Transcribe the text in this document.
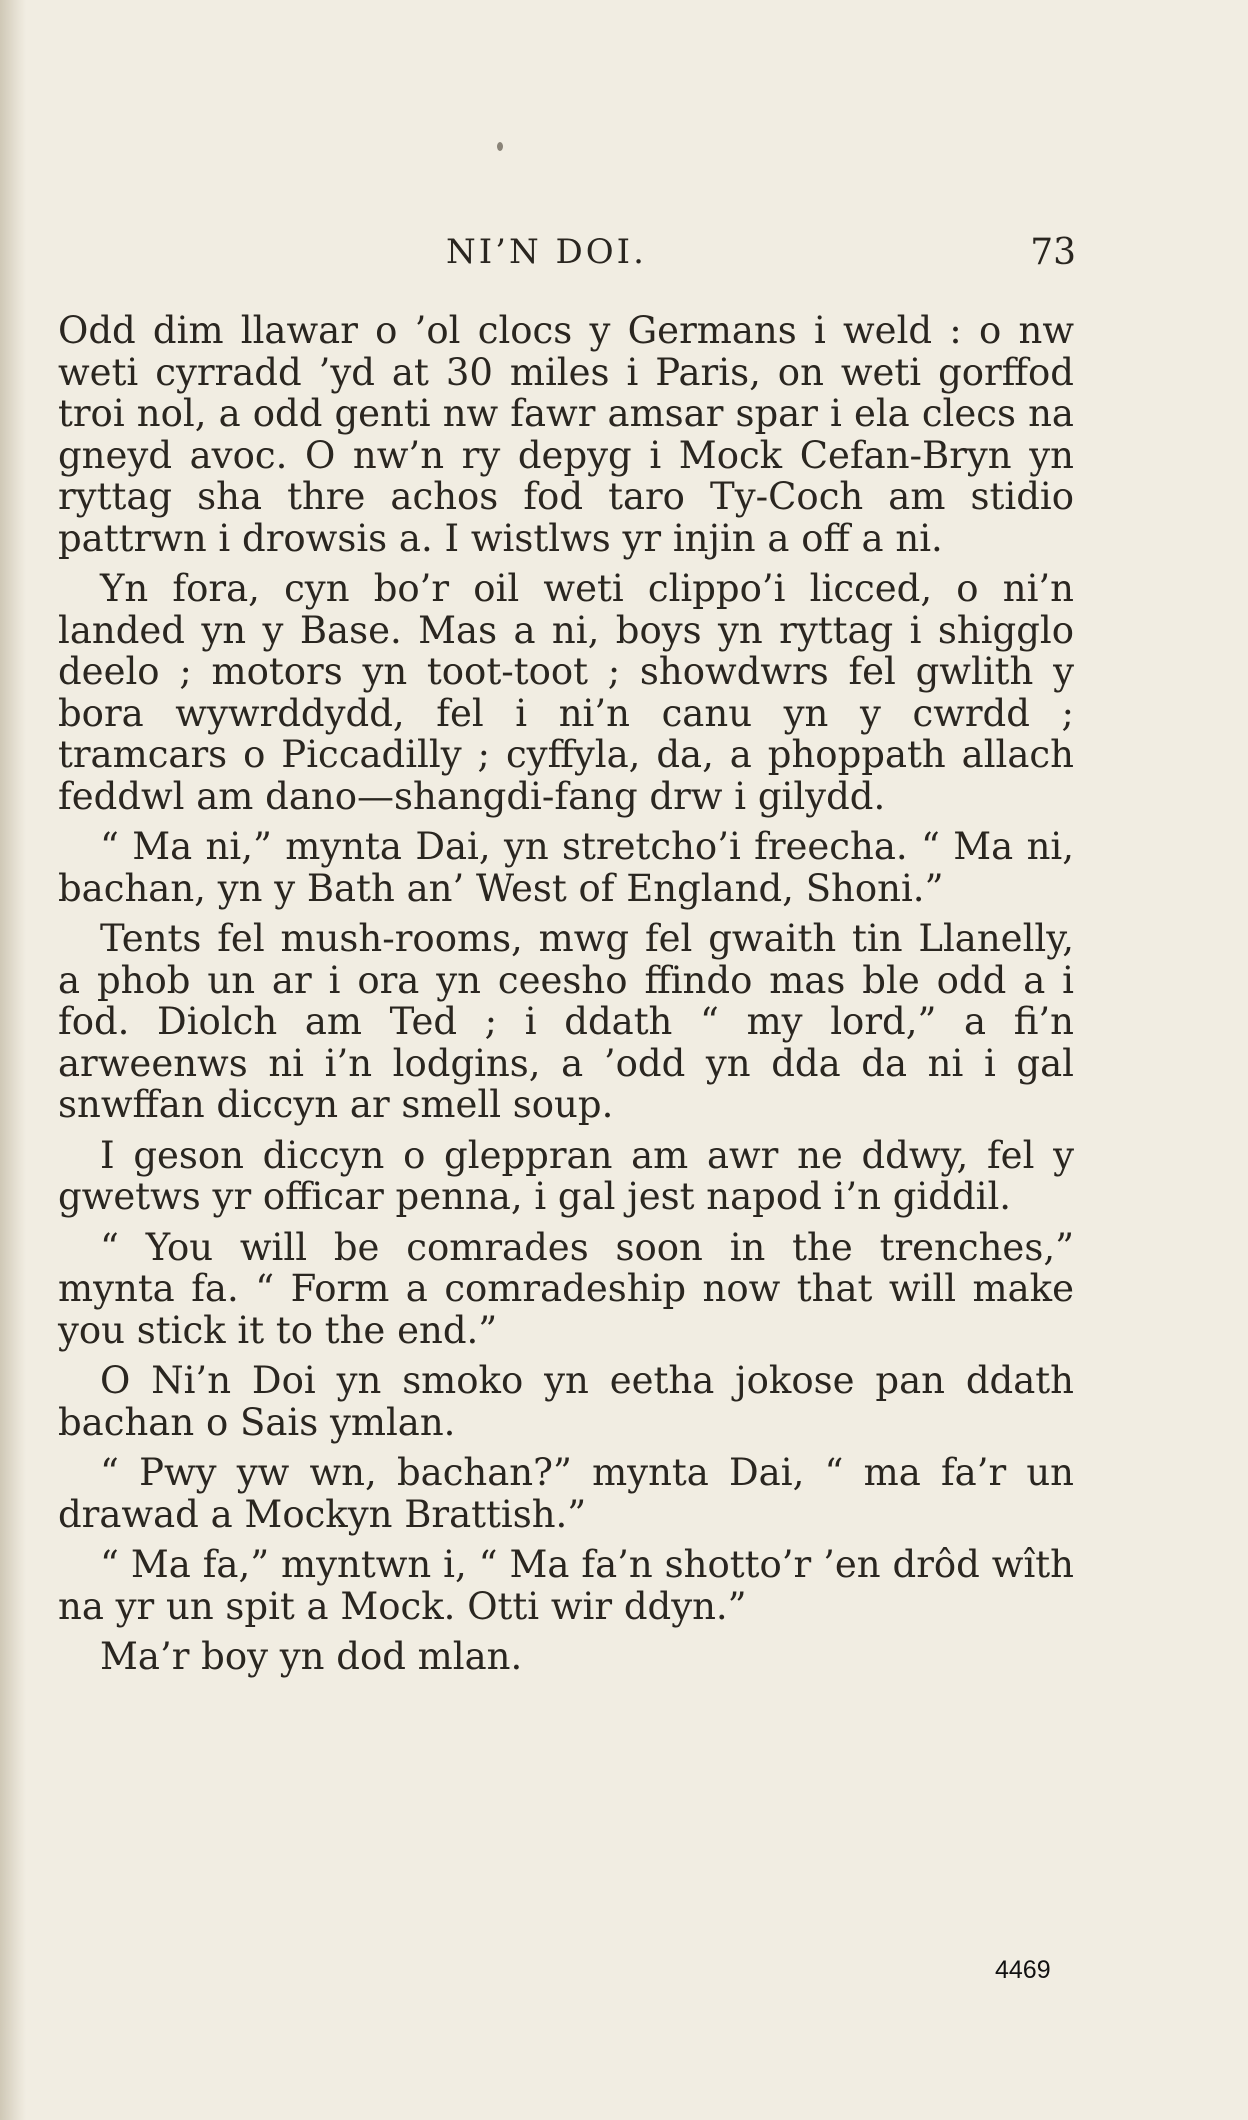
NI’N DOI.	73

Odd dim llawar o ’ol clocs y Germans i weld : o nw weti cyrradd ’yd at 30 miles i Paris, on weti gorffod troi nol, a odd genti nw fawr amsar spar i ela clecs na gneyd avoc. O nw’n ry depyg i Mock Cefan-Bryn yn ryttag sha thre achos fod taro Ty-Coch am stidio pattrwn i drowsis a. I wistlws yr injin a off a ni.

Yn fora, cyn bo’r oil weti clippo’i licced, o ni’n landed yn y Base. Mas a ni, boys yn ryttag i shigglo deelo ; motors yn toot-toot ; showdwrs fel gwlith y bora wywrddydd, fel i ni’n canu yn y cwrdd ; tramcars o Piccadilly ; cyffyla, da, a phoppath allach feddwl am dano—shangdi-fang drw i gilydd.

“ Ma ni,” mynta Dai, yn stretcho’i freecha. “ Ma ni, bachan, yn y Bath an’ West of England, Shoni.”

Tents fel mush-rooms, mwg fel gwaith tin Llanelly, a phob un ar i ora yn ceesho ffindo mas ble odd a i fod. Diolch am Ted ; i ddath “ my lord,” a fi’n arweenws ni i’n lodgins, a ’odd yn dda da ni i gal snwffan diccyn ar smell soup.

I geson diccyn o gleppran am awr ne ddwy, fel y gwetws yr officar penna, i gal jest napod i’n giddil.

“ You will be comrades soon in the trenches,” mynta fa. “ Form a comradeship now that will make you stick it to the end.”

O Ni’n Doi yn smoko yn eetha jokose pan ddath bachan o Sais ymlan.

“ Pwy yw wn, bachan?” mynta Dai, “ ma fa’r un drawad a Mockyn Brattish.”

“ Ma fa,” myntwn i, “ Ma fa’n shotto’r ’en drôd wîth na yr un spit a Mock. Otti wir ddyn.”

Ma’r boy yn dod mlan.

4469
